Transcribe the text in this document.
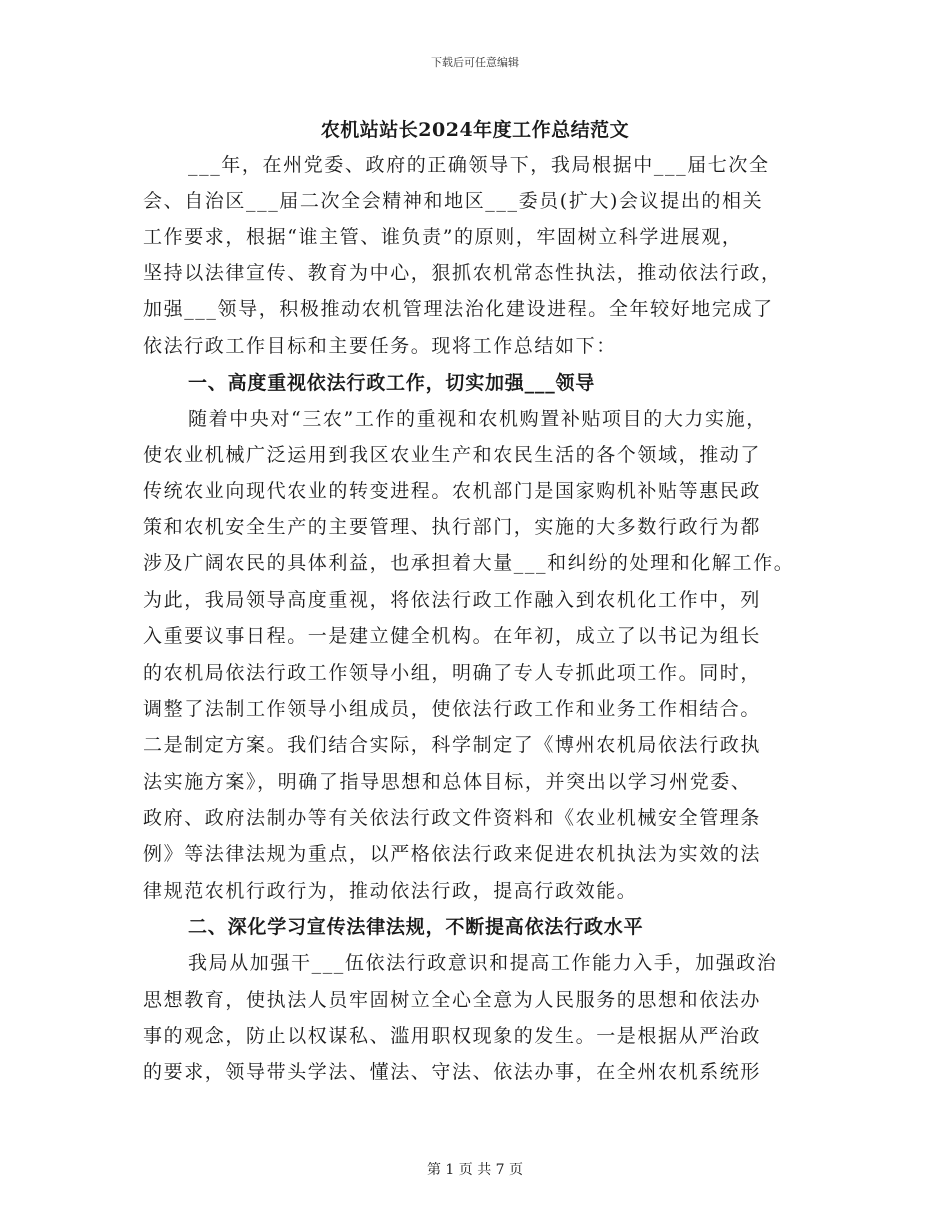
下载后可任意编辑
农机站站长2024年度工作总结范文
___年，在州党委、政府的正确领导下，我局根据中___届七次全
会、自治区___届二次全会精神和地区___委员(扩大)会议提出的相关
工作要求，根据“谁主管、谁负责”的原则，牢固树立科学进展观，
坚持以法律宣传、教育为中心，狠抓农机常态性执法，推动依法行政，
加强___领导，积极推动农机管理法治化建设进程。全年较好地完成了
依法行政工作目标和主要任务。现将工作总结如下：
一、高度重视依法行政工作，切实加强___领导
随着中央对“三农”工作的重视和农机购置补贴项目的大力实施，
使农业机械广泛运用到我区农业生产和农民生活的各个领域，推动了
传统农业向现代农业的转变进程。农机部门是国家购机补贴等惠民政
策和农机安全生产的主要管理、执行部门，实施的大多数行政行为都
涉及广阔农民的具体利益，也承担着大量___和纠纷的处理和化解工作。
为此，我局领导高度重视，将依法行政工作融入到农机化工作中，列
入重要议事日程。一是建立健全机构。在年初，成立了以书记为组长
的农机局依法行政工作领导小组，明确了专人专抓此项工作。同时，
调整了法制工作领导小组成员，使依法行政工作和业务工作相结合。
二是制定方案。我们结合实际，科学制定了《博州农机局依法行政执
法实施方案》，明确了指导思想和总体目标，并突出以学习州党委、
政府、政府法制办等有关依法行政文件资料和《农业机械安全管理条
例》等法律法规为重点，以严格依法行政来促进农机执法为实效的法
律规范农机行政行为，推动依法行政，提高行政效能。
二、深化学习宣传法律法规，不断提高依法行政水平
我局从加强干___伍依法行政意识和提高工作能力入手，加强政治
思想教育，使执法人员牢固树立全心全意为人民服务的思想和依法办
事的观念，防止以权谋私、滥用职权现象的发生。一是根据从严治政
的要求，领导带头学法、懂法、守法、依法办事，在全州农机系统形
第 1 页 共 7 页
